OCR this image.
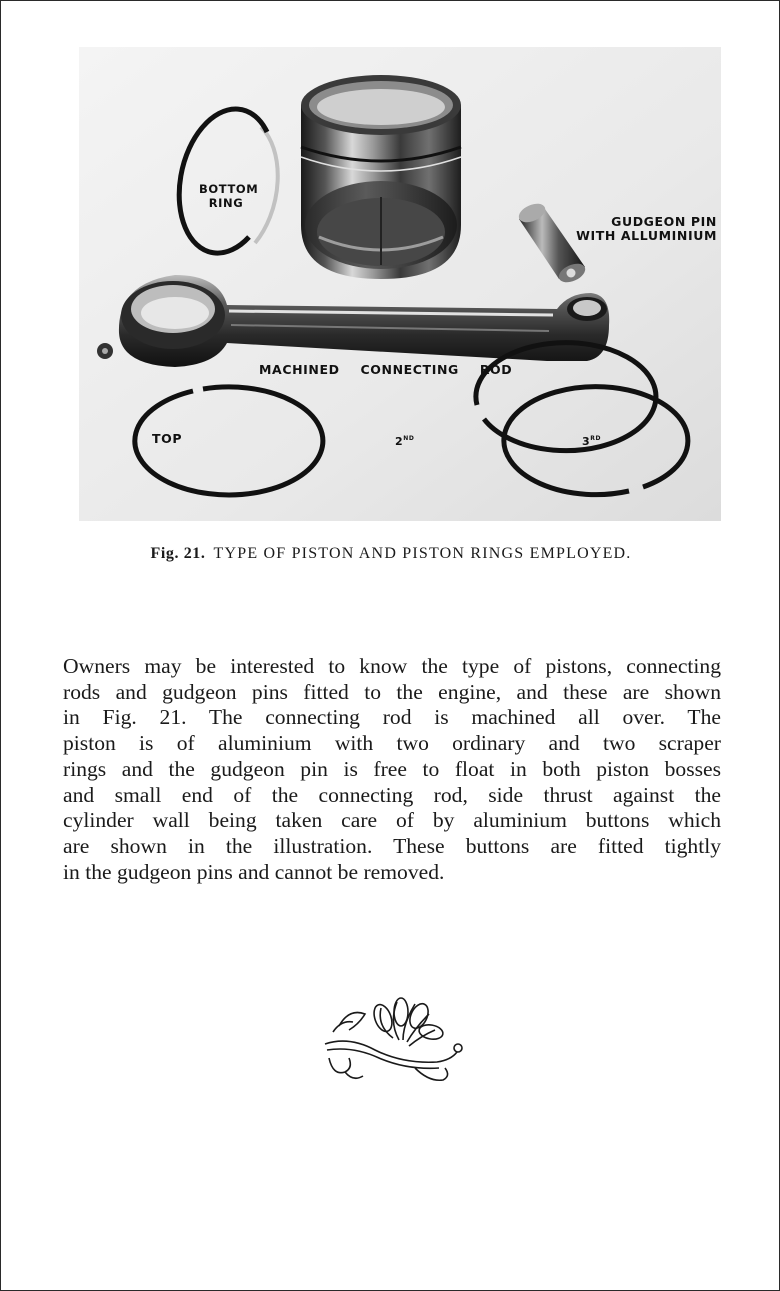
BOTTOM
RING
GUDGEON PIN
WITH ALLUMINIUM
MACHINED CONNECTING ROD
TOP	2ND	3RD
Fig. 21. TYPE OF PISTON AND PISTON RINGS EMPLOYED.
Owners may be interested to know the type of pistons, connecting
rods and gudgeon pins fitted to the engine, and these are shown
in Fig. 21. The connecting rod is machined all over. The
piston is of aluminium with two ordinary and two scraper
rings and the gudgeon pin is free to float in both piston bosses
and small end of the connecting rod, side thrust against the
cylinder wall being taken care of by aluminium buttons which
are shown in the illustration. These buttons are fitted tightly
in the gudgeon pins and cannot be removed.
